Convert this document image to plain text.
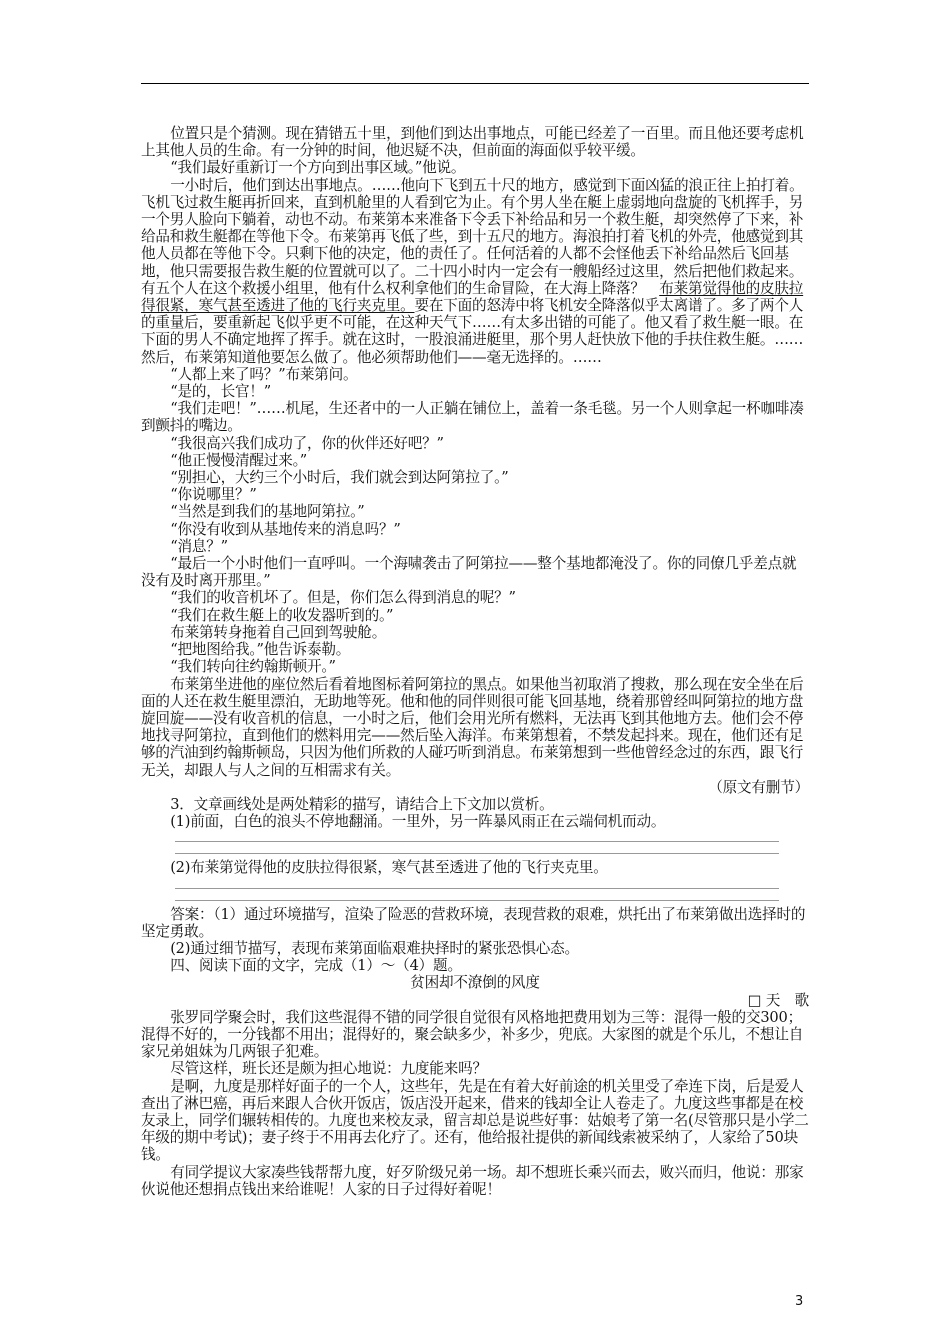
位置只是个猜测。现在猜错五十里，到他们到达出事地点，可能已经差了一百里。而且他还要考虑机上其他人员的生命。有一分钟的时间，他迟疑不决，但前面的海面似乎较平缓。

“我们最好重新订一个方向到出事区域。”他说。

一小时后，他们到达出事地点。……他向下飞到五十尺的地方，感觉到下面凶猛的浪正往上拍打着。飞机飞过救生艇再折回来，直到机舱里的人看到它为止。有个男人坐在艇上虚弱地向盘旋的飞机挥手，另一个男人脸向下躺着，动也不动。布莱第本来准备下令丢下补给品和另一个救生艇，却突然停了下来，补给品和救生艇都在等他下令。布莱第再飞低了些，到十五尺的地方。海浪拍打着飞机的外壳，他感觉到其他人员都在等他下令。只剩下他的决定，他的责任了。任何活着的人都不会怪他丢下补给品然后飞回基地，他只需要报告救生艇的位置就可以了。二十四小时内一定会有一艘船经过这里，然后把他们救起来。有五个人在这个救援小组里，他有什么权利拿他们的生命冒险，在大海上降落？　 布莱第觉得他的皮肤拉得很紧，寒气甚至透进了他的飞行夹克里。要在下面的怒涛中将飞机安全降落似乎太离谱了。多了两个人的重量后，要重新起飞似乎更不可能，在这种天气下……有太多出错的可能了。他又看了救生艇一眼。在下面的男人不确定地挥了挥手。就在这时，一股浪涌进艇里，那个男人赶快放下他的手扶住救生艇。……然后，布莱第知道他要怎么做了。他必须帮助他们——毫无选择的。……

“人都上来了吗？”布莱第问。

“是的，长官！”

“我们走吧！”……机尾，生还者中的一人正躺在铺位上，盖着一条毛毯。另一个人则拿起一杯咖啡凑到颤抖的嘴边。

“我很高兴我们成功了，你的伙伴还好吧？”

“他正慢慢清醒过来。”

“别担心，大约三个小时后，我们就会到达阿第拉了。”

“你说哪里？”

“当然是到我们的基地阿第拉。”

“你没有收到从基地传来的消息吗？”

“消息？”

“最后一个小时他们一直呼叫。一个海啸袭击了阿第拉——整个基地都淹没了。你的同僚几乎差点就没有及时离开那里。”

“我们的收音机坏了。但是，你们怎么得到消息的呢？”

“我们在救生艇上的收发器听到的。”

布莱第转身拖着自己回到驾驶舱。

“把地图给我。”他告诉泰勒。

“我们转向往约翰斯顿开。”

布莱第坐进他的座位然后看着地图标着阿第拉的黑点。如果他当初取消了搜救，那么现在安全坐在后面的人还在救生艇里漂泊，无助地等死。他和他的同伴则很可能飞回基地，绕着那曾经叫阿第拉的地方盘旋回旋——没有收音机的信息，一小时之后，他们会用光所有燃料，无法再飞到其他地方去。他们会不停地找寻阿第拉，直到他们的燃料用完——然后坠入海洋。布莱第想着，不禁发起抖来。现在，他们还有足够的汽油到约翰斯顿岛，只因为他们所救的人碰巧听到消息。布莱第想到一些他曾经念过的东西，跟飞行无关，却跟人与人之间的互相需求有关。

（原文有删节）

3．文章画线处是两处精彩的描写，请结合上下文加以赏析。

(1)前面，白色的浪头不停地翻涌。一里外，另一阵暴风雨正在云端伺机而动。

(2)布莱第觉得他的皮肤拉得很紧，寒气甚至透进了他的飞行夹克里。

答案：（1）通过环境描写，渲染了险恶的营救环境，表现营救的艰难，烘托出了布莱第做出选择时的坚定勇敢。

(2)通过细节描写，表现布莱第面临艰难抉择时的紧张恐惧心态。

四、阅读下面的文字，完成（1）～（4）题。

贫困却不潦倒的风度

□ 天　歌

张罗同学聚会时，我们这些混得不错的同学很自觉很有风格地把费用划为三等：混得一般的交300；混得不好的，一分钱都不用出；混得好的，聚会缺多少，补多少，兜底。大家图的就是个乐儿，不想让自家兄弟姐妹为几两银子犯难。

尽管这样，班长还是颇为担心地说：九度能来吗？

是啊，九度是那样好面子的一个人，这些年，先是在有着大好前途的机关里受了牵连下岗，后是爱人查出了淋巴癌，再后来跟人合伙开饭店，饭店没开起来，借来的钱却全让人卷走了。九度这些事都是在校友录上，同学们辗转相传的。九度也来校友录，留言却总是说些好事：姑娘考了第一名(尽管那只是小学二年级的期中考试)；妻子终于不用再去化疗了。还有，他给报社提供的新闻线索被采纳了，人家给了50块钱。

有同学提议大家凑些钱帮帮九度，好歹阶级兄弟一场。却不想班长乘兴而去，败兴而归，他说：那家伙说他还想捐点钱出来给谁呢！人家的日子过得好着呢！

3
